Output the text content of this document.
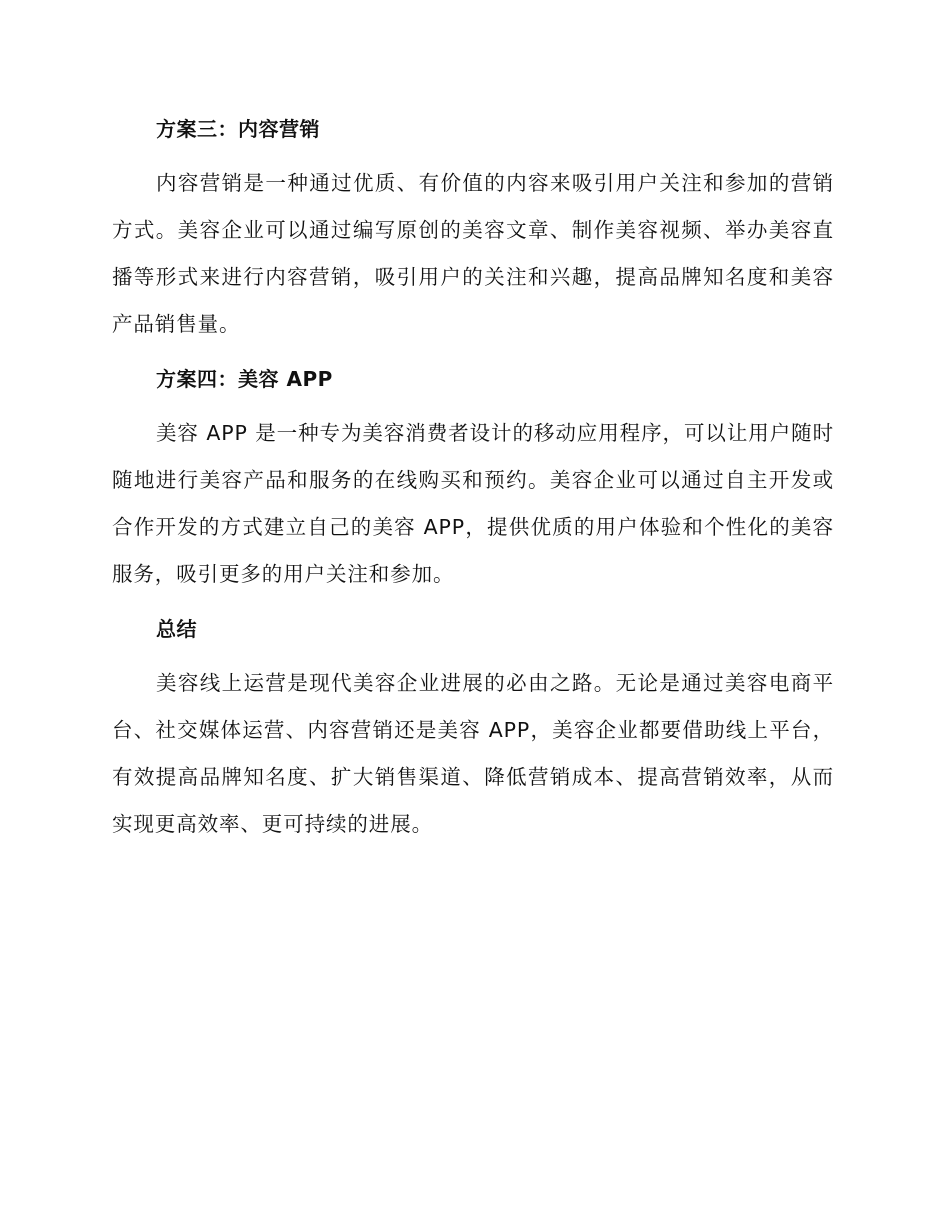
方案三：内容营销

内容营销是一种通过优质、有价值的内容来吸引用户关注和参加的营销方式。美容企业可以通过编写原创的美容文章、制作美容视频、举办美容直播等形式来进行内容营销，吸引用户的关注和兴趣，提高品牌知名度和美容产品销售量。

方案四：美容 APP

美容 APP 是一种专为美容消费者设计的移动应用程序，可以让用户随时随地进行美容产品和服务的在线购买和预约。美容企业可以通过自主开发或合作开发的方式建立自己的美容 APP，提供优质的用户体验和个性化的美容服务，吸引更多的用户关注和参加。

总结

美容线上运营是现代美容企业进展的必由之路。无论是通过美容电商平台、社交媒体运营、内容营销还是美容 APP，美容企业都要借助线上平台，有效提高品牌知名度、扩大销售渠道、降低营销成本、提高营销效率，从而实现更高效率、更可持续的进展。
